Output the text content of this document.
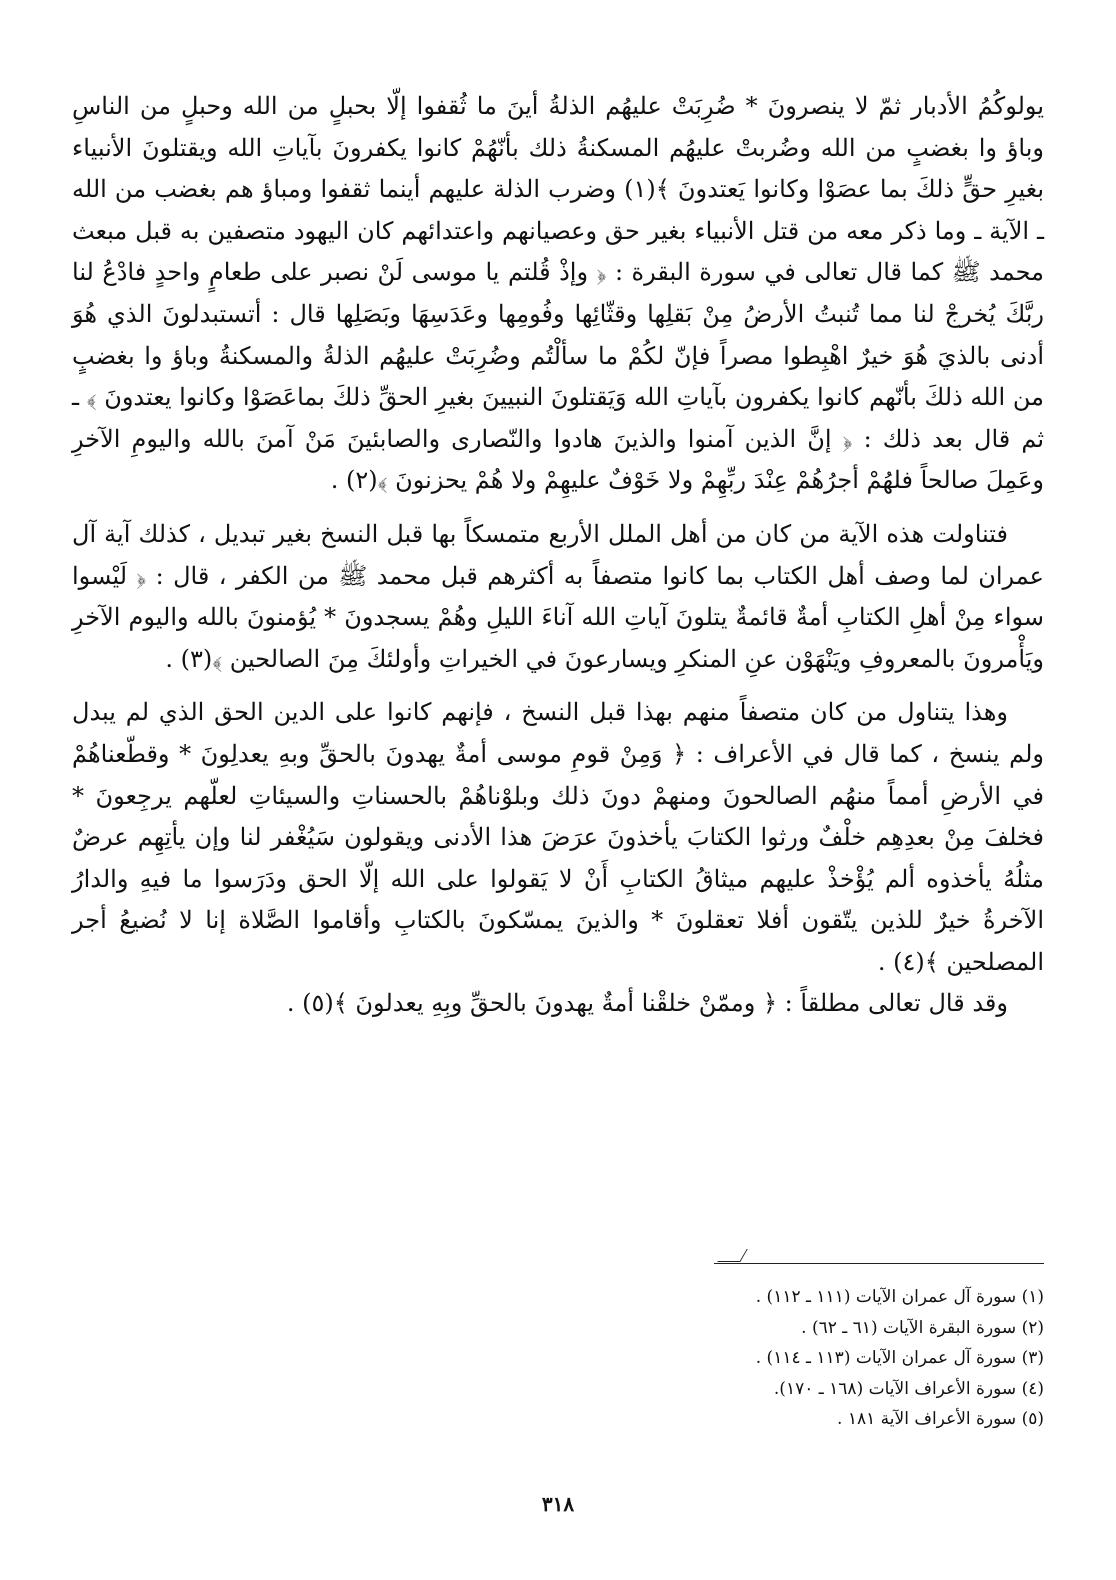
يولوكُمُ الأدبار ثمّ لا ينصرونَ * ضُرِبَتْ عليهُم الذلةُ أينَ ما ثُقفوا إلّا بحبلٍ من الله وحبلٍ من الناسِ وباؤ وا بغضبٍ من الله وضُربتْ عليهُم المسكنةُ ذلك بأنّهُمْ كانوا يكفرونَ بآياتِ الله ويقتلونَ الأنبياء بغيرِ حقٍّ ذلكَ بما عصَوْا وكانوا يَعتدونَ ﴾(١) وضرب الذلة عليهم أينما ثقفوا ومباؤ هم بغضب من الله ـ الآية ـ وما ذكر معه من قتل الأنبياء بغير حق وعصيانهم واعتدائهم كان اليهود متصفين به قبل مبعث محمد ﷺ كما قال تعالى في سورة البقرة : ﴿ وإذْ قُلتم يا موسى لَنْ نصبر على طعامٍ واحدٍ فادْعُ لنا ربَّكَ يُخرجْ لنا مما تُنبتُ الأرضُ مِنْ بَقلِها وقثّائِها وفُومِها وعَدَسِهَا وبَصَلِها قال : أتستبدلونَ الذي هُوَ أدنى بالذيَ هُوَ خيرٌ اهْبِطوا مصراً فإنّ لكُمْ ما سألْتُم وضُرِبَتْ عليهُم الذلةُ والمسكنةُ وباؤ وا بغضبٍ من الله ذلكَ بأنّهم كانوا يكفرون بآياتِ الله وَيَقتلونَ النبيينَ بغيرِ الحقِّ ذلكَ بماعَصَوْا وكانوا يعتدونَ ﴾ ـ ثم قال بعد ذلك : ﴿ إنَّ الذين آمنوا والذينَ هادوا والنّصارى والصابئينَ مَنْ آمنَ بالله واليومِ الآخرِ وعَمِلَ صالحاً فلهُمْ أجرُهُمْ عِنْدَ ربِّهِمْ ولا خَوْفٌ عليهِمْ ولا هُمْ يحزنونَ ﴾(٢) .

فتناولت هذه الآية من كان من أهل الملل الأربع متمسكاً بها قبل النسخ بغير تبديل ، كذلك آية آل عمران لما وصف أهل الكتاب بما كانوا متصفاً به أكثرهم قبل محمد ﷺ من الكفر ، قال : ﴿ لَيْسوا سواء مِنْ أهلِ الكتابِ أمةٌ قائمةٌ يتلونَ آياتِ الله آناءَ الليلِ وهُمْ يسجدونَ * يُؤمنونَ بالله واليوم الآخرِ ويَأْمرونَ بالمعروفِ ويَنْهَوْن عنِ المنكرِ ويسارعونَ في الخيراتِ وأولئكَ مِنَ الصالحين ﴾(٣) .

وهذا يتناول من كان متصفاً منهم بهذا قبل النسخ ، فإنهم كانوا على الدين الحق الذي لم يبدل ولم ينسخ ، كما قال في الأعراف : ﴿ وَمِنْ قومِ موسى أمةٌ يهدونَ بالحقِّ وبهِ يعدلِونَ * وقطّعناهُمْ في الأرضِ أمماً منهُم الصالحونَ ومنهمْ دونَ ذلك وبلوْناهُمْ بالحسناتِ والسيئاتِ لعلّهم يرجِعونَ * فخلفَ مِنْ بعدِهِم خلْفٌ ورثوا الكتابَ يأخذونَ عرَضَ هذا الأدنى ويقولون سَيُغْفر لنا وإن يأتِهِم عرضٌ مثلُهُ يأخذوه ألم يُؤْخذْ عليهم ميثاقُ الكتابِ أَنْ لا يَقولوا على الله إلّا الحق ودَرَسوا ما فيهِ والدارُ الآخرةُ خيرٌ للذين يتّقون أفلا تعقلونَ * والذينَ يمسّكونَ بالكتابِ وأقاموا الصَّلاة إنا لا نُضيعُ أجر المصلحين ﴾(٤) .

وقد قال تعالى مطلقاً : ﴿ وممّنْ خلقْنا أمةٌ يهدونَ بالحقِّ وبِهِ يعدلونَ ﴾(٥) .

(١) سورة آل عمران الآيات (١١١ ـ ١١٢) .

(٢) سورة البقرة الآيات (٦١ ـ ٦٢) .

(٣) سورة آل عمران الآيات (١١٣ ـ ١١٤) .

(٤) سورة الأعراف الآيات (١٦٨ ـ ١٧٠).

(٥) سورة الأعراف الآية ١٨١ .

٣١٨
